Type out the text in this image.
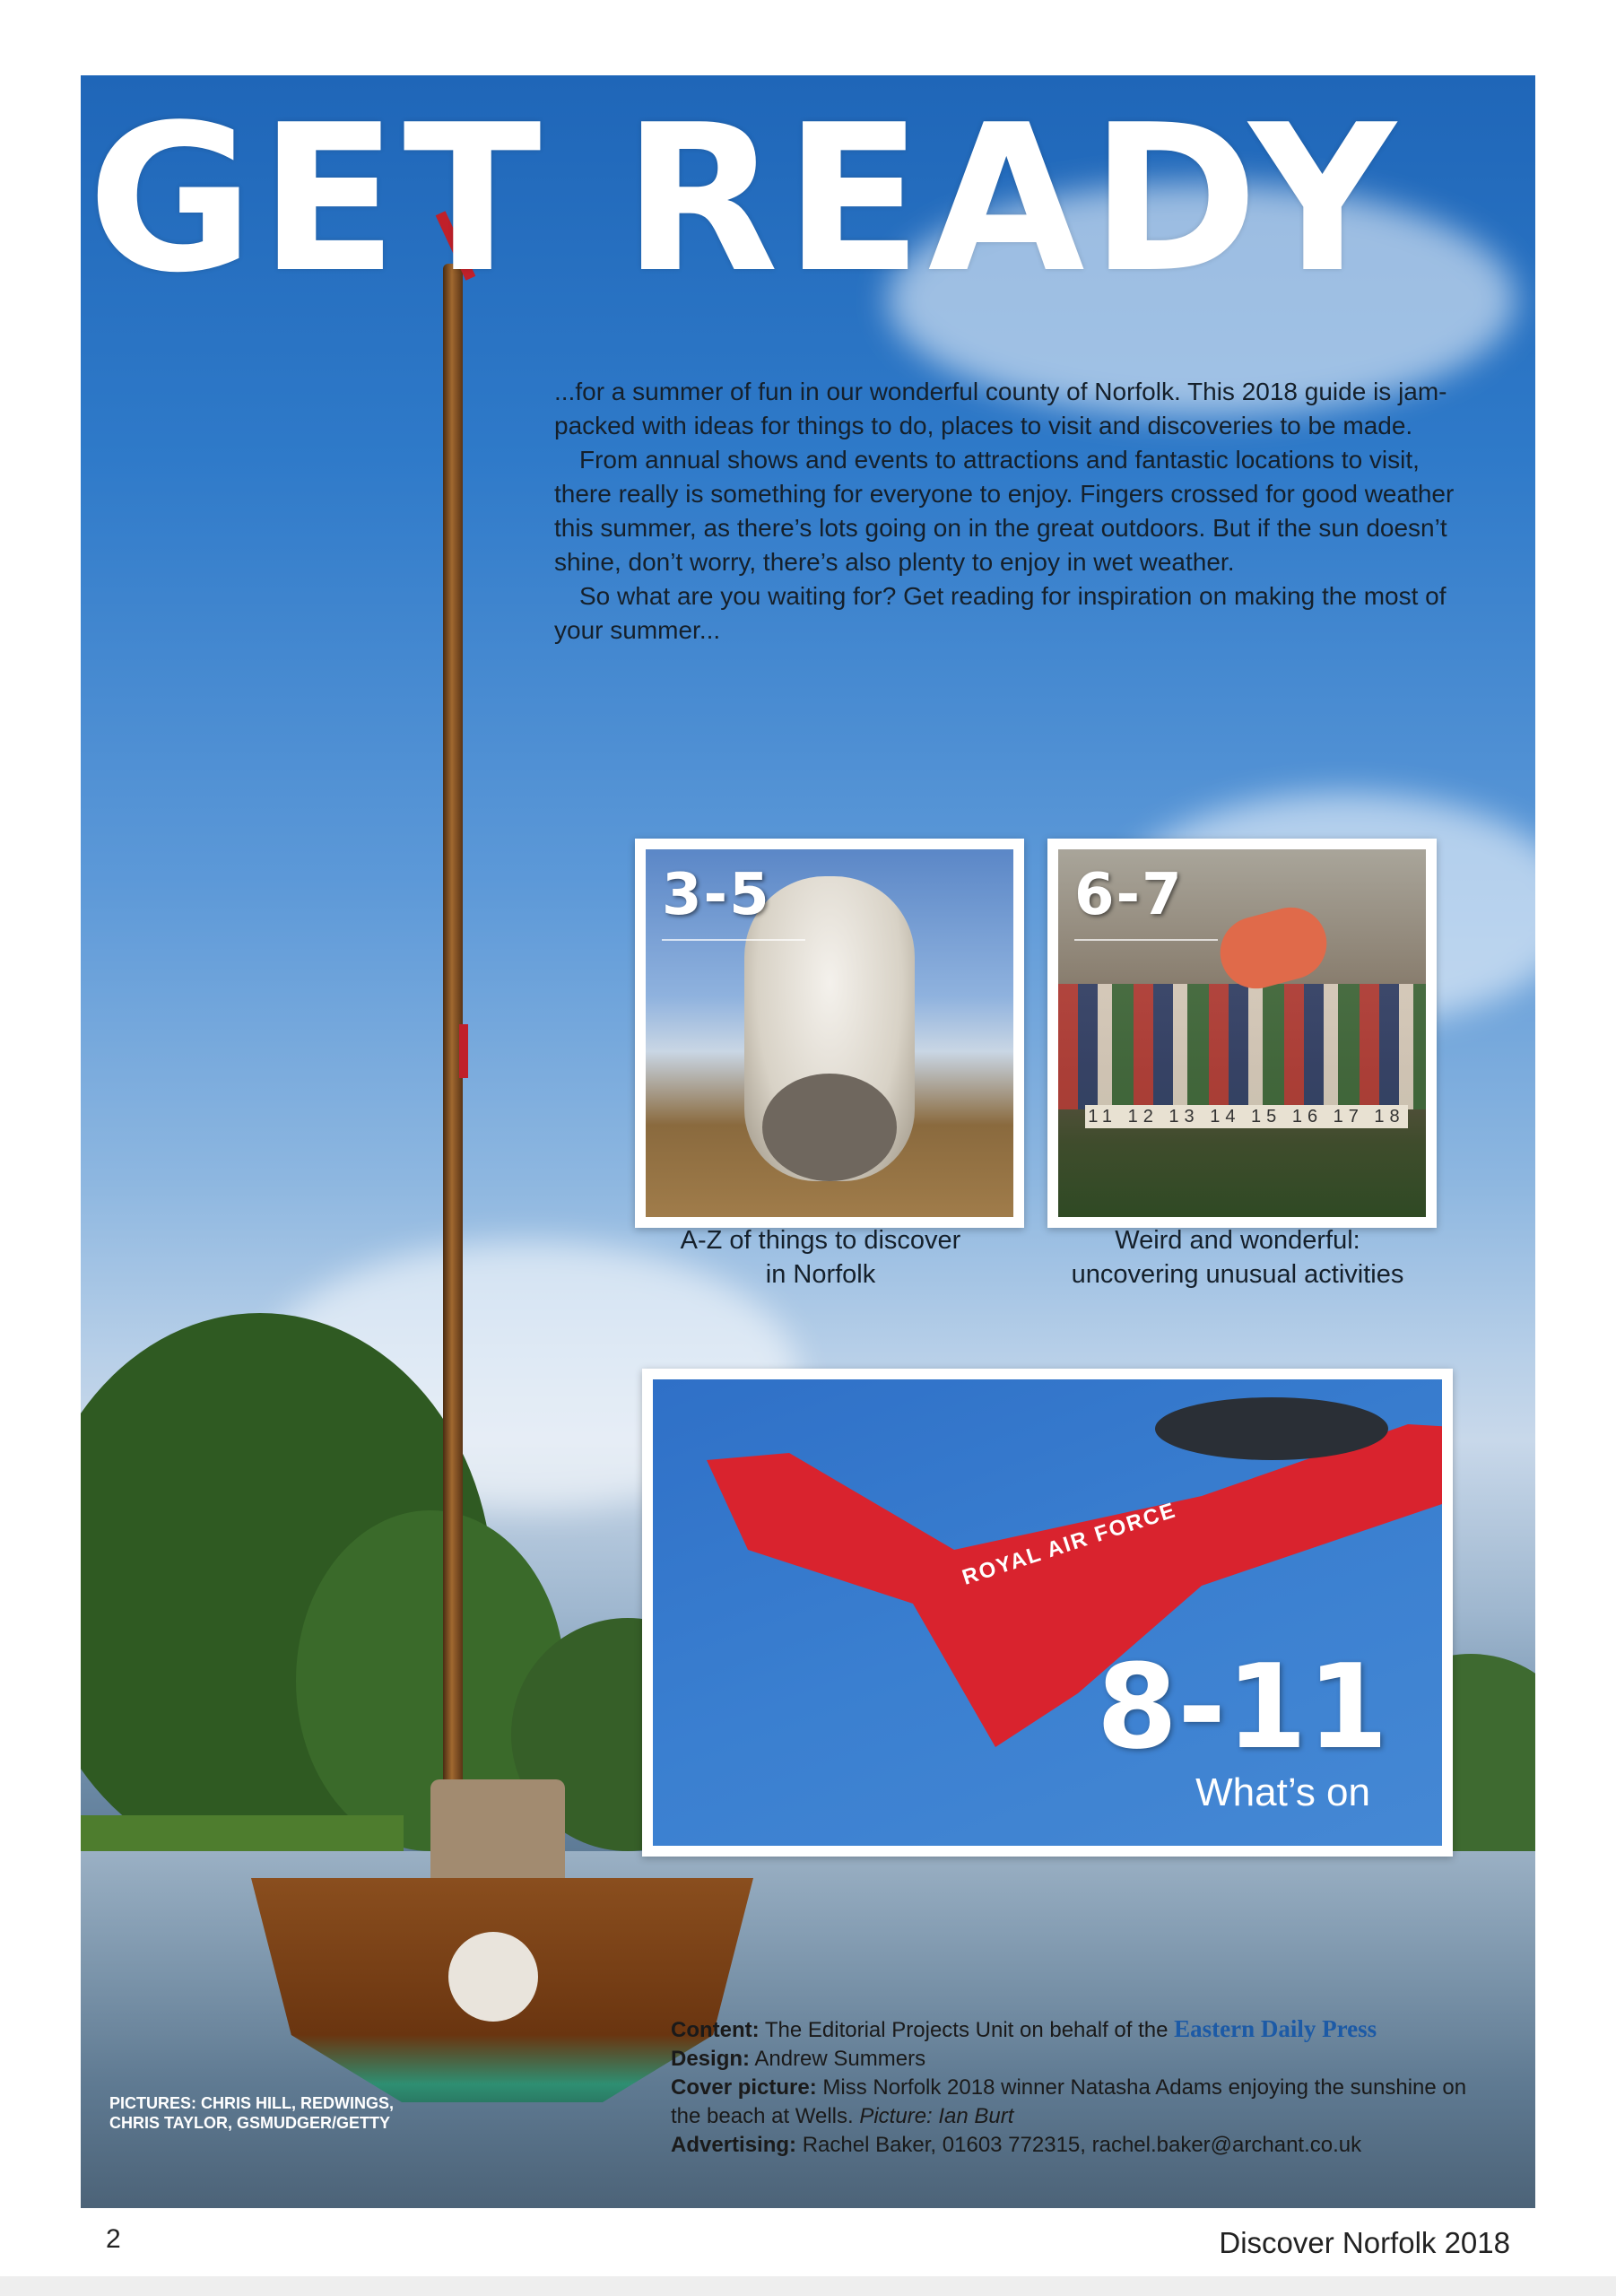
GET READY

...for a summer of fun in our wonderful county of Norfolk. This 2018 guide is jam-packed with ideas for things to do, places to visit and discoveries to be made.

From annual shows and events to attractions and fantastic locations to visit, there really is something for everyone to enjoy. Fingers crossed for good weather this summer, as there’s lots going on in the great outdoors. But if the sun doesn’t shine, don’t worry, there’s also plenty to enjoy in wet weather.

So what are you waiting for? Get reading for inspiration on making the most of your summer...

3-5
A-Z of things to discover
in Norfolk
11 12 13 14 15 16 17 18
6-7
Weird and wonderful:
uncovering unusual activities
ROYAL AIR FORCE
8-11
What’s on

Content: The Editorial Projects Unit on behalf of the Eastern Daily Press

Design: Andrew Summers

Cover picture: Miss Norfolk 2018 winner Natasha Adams enjoying the sunshine on the beach at Wells. Picture: Ian Burt

Advertising: Rachel Baker, 01603 772315, rachel.baker@archant.co.uk

PICTURES: CHRIS HILL, REDWINGS, CHRIS TAYLOR, GSMUDGER/GETTY
2	Discover Norfolk 2018
